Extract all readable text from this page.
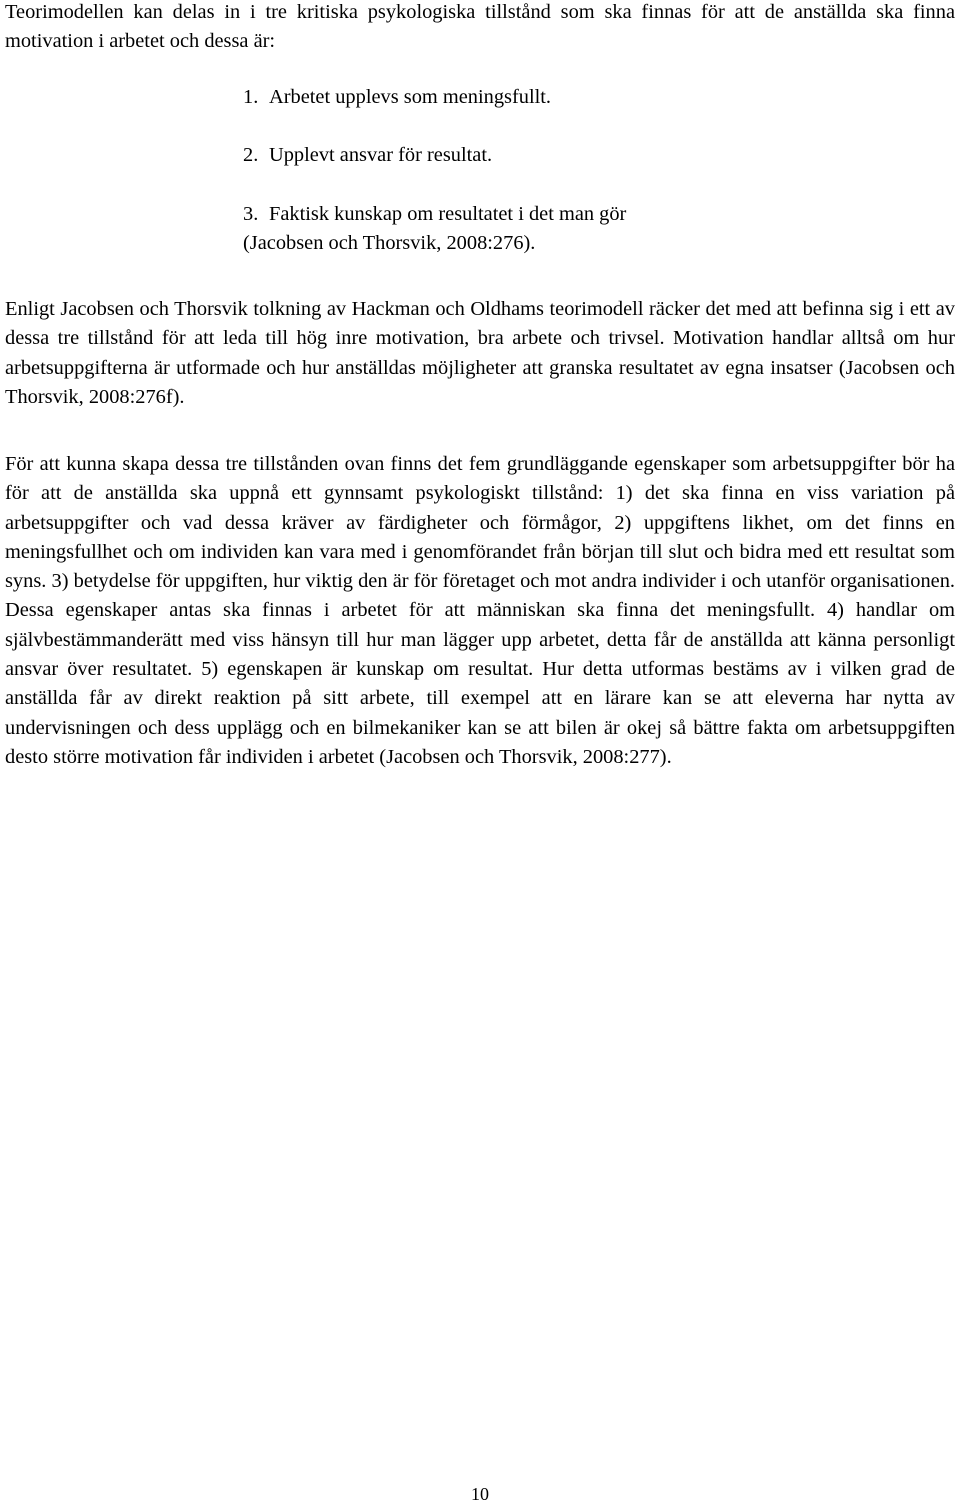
Teorimodellen kan delas in i tre kritiska psykologiska tillstånd som ska finnas för att de anställda ska finna motivation i arbetet och dessa är:

1. Arbetet upplevs som meningsfullt.
2. Upplevt ansvar för resultat.
3. Faktisk kunskap om resultatet i det man gör
(Jacobsen och Thorsvik, 2008:276).

Enligt Jacobsen och Thorsvik tolkning av Hackman och Oldhams teorimodell räcker det med att befinna sig i ett av dessa tre tillstånd för att leda till hög inre motivation, bra arbete och trivsel. Motivation handlar alltså om hur arbetsuppgifterna är utformade och hur anställdas möjligheter att granska resultatet av egna insatser (Jacobsen och Thorsvik, 2008:276f).

För att kunna skapa dessa tre tillstånden ovan finns det fem grundläggande egenskaper som arbetsuppgifter bör ha för att de anställda ska uppnå ett gynnsamt psykologiskt tillstånd: 1) det ska finna en viss variation på arbetsuppgifter och vad dessa kräver av färdigheter och förmågor, 2) uppgiftens likhet, om det finns en meningsfullhet och om individen kan vara med i genomförandet från början till slut och bidra med ett resultat som syns. 3) betydelse för uppgiften, hur viktig den är för företaget och mot andra individer i och utanför organisationen. Dessa egenskaper antas ska finnas i arbetet för att människan ska finna det meningsfullt. 4) handlar om självbestämmanderätt med viss hänsyn till hur man lägger upp arbetet, detta får de anställda att känna personligt ansvar över resultatet. 5) egenskapen är kunskap om resultat. Hur detta utformas bestäms av i vilken grad de anställda får av direkt reaktion på sitt arbete, till exempel att en lärare kan se att eleverna har nytta av undervisningen och dess upplägg och en bilmekaniker kan se att bilen är okej så bättre fakta om arbetsuppgiften desto större motivation får individen i arbetet (Jacobsen och Thorsvik, 2008:277).

10
